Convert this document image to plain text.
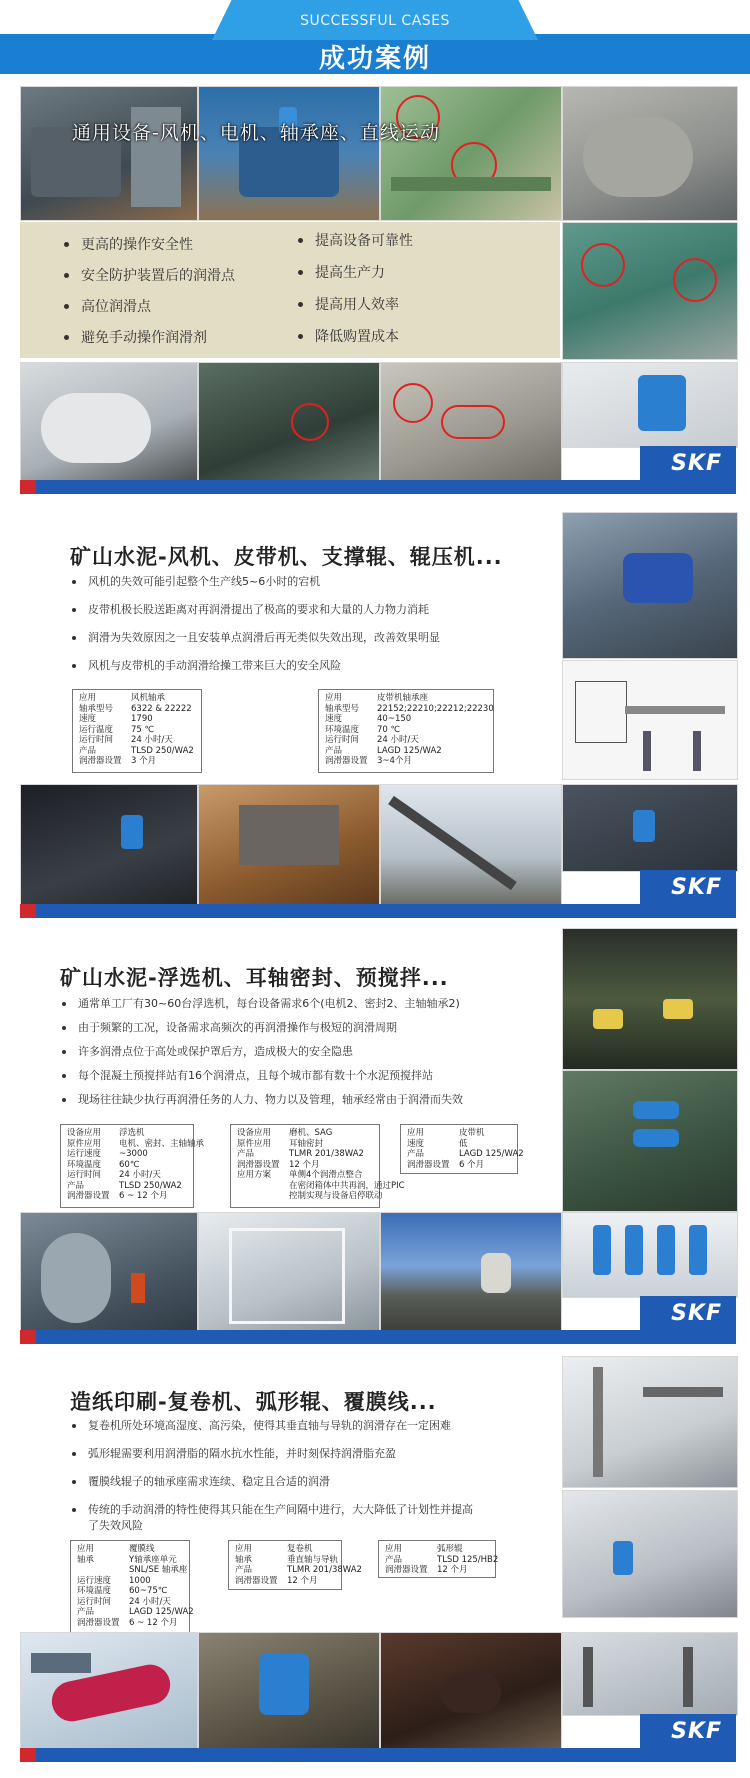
SUCCESSFUL CASES
成功案例
通用设备-风机、电机、轴承座、直线运动
更高的操作安全性
安全防护装置后的润滑点
高位润滑点
避免手动操作润滑剂
提高设备可靠性
提高生产力
提高用人效率
降低购置成本
SKF
矿山水泥-风机、皮带机、支撑辊、辊压机...
风机的失效可能引起整个生产线5~6小时的宕机
皮带机极长股送距离对再润滑提出了极高的要求和大量的人力物力消耗
润滑为失效原因之一且安装单点润滑后再无类似失效出现，改善效果明显
风机与皮带机的手动润滑给操工带来巨大的安全风险
应用	风机轴承
轴承型号	6322 & 22222
速度	1790
运行温度	75 ℃
运行时间	24 小时/天
产品	TLSD 250/WA2
润滑器设置	3 个月
应用	皮带机轴承座
轴承型号	22152;22210;22212;22230
速度	40~150
环境温度	70 ℃
运行时间	24 小时/天
产品	LAGD 125/WA2
润滑器设置	3~4个月
SKF
矿山水泥-浮选机、耳轴密封、预搅拌...
通常单工厂有30~60台浮选机，每台设备需求6个(电机2、密封2、主轴轴承2)
由于频繁的工况，设备需求高频次的再润滑操作与极短的润滑周期
许多润滑点位于高处或保护罩后方，造成极大的安全隐患
每个混凝土预搅拌站有16个润滑点，且每个城市都有数十个水泥预搅拌站
现场往往缺少执行再润滑任务的人力、物力以及管理，轴承经常由于润滑而失效
设备应用	浮选机
原件应用	电机、密封、主轴轴承
运行速度	~3000
环境温度	60℃
运行时间	24 小时/天
产品	TLSD 250/WA2
润滑器设置	6 ~ 12 个月
设备应用	磨机、SAG
原件应用	耳轴密封
产品	TLMR 201/38WA2
润滑器设置	12 个月
应用方案	单侧4个润滑点整合
在密闭箱体中共再润，通过PIC
控制实现与设备启停联动
应用	皮带机
速度	低
产品	LAGD 125/WA2
润滑器设置	6 个月
SKF
造纸印刷-复卷机、弧形辊、覆膜线...
复卷机所处环境高湿度、高污染，使得其垂直轴与导轨的润滑存在一定困难
弧形辊需要利用润滑脂的隔水抗水性能，并时刻保持润滑脂充盈
覆膜线辊子的轴承座需求连续、稳定且合适的润滑
传统的手动润滑的特性使得其只能在生产间隔中进行，大大降低了计划性并提高
了失效风险
应用	覆膜线
轴承	Y轴承座单元
SNL/SE 轴承座
运行速度	1000
环境温度	60~75℃
运行时间	24 小时/天
产品	LAGD 125/WA2
润滑器设置	6 ~ 12 个月
应用	复卷机
轴承	垂直轴与导轨
产品	TLMR 201/38WA2
润滑器设置	12 个月
应用	弧形辊
产品	TLSD 125/HB2
润滑器设置	12 个月
SKF
